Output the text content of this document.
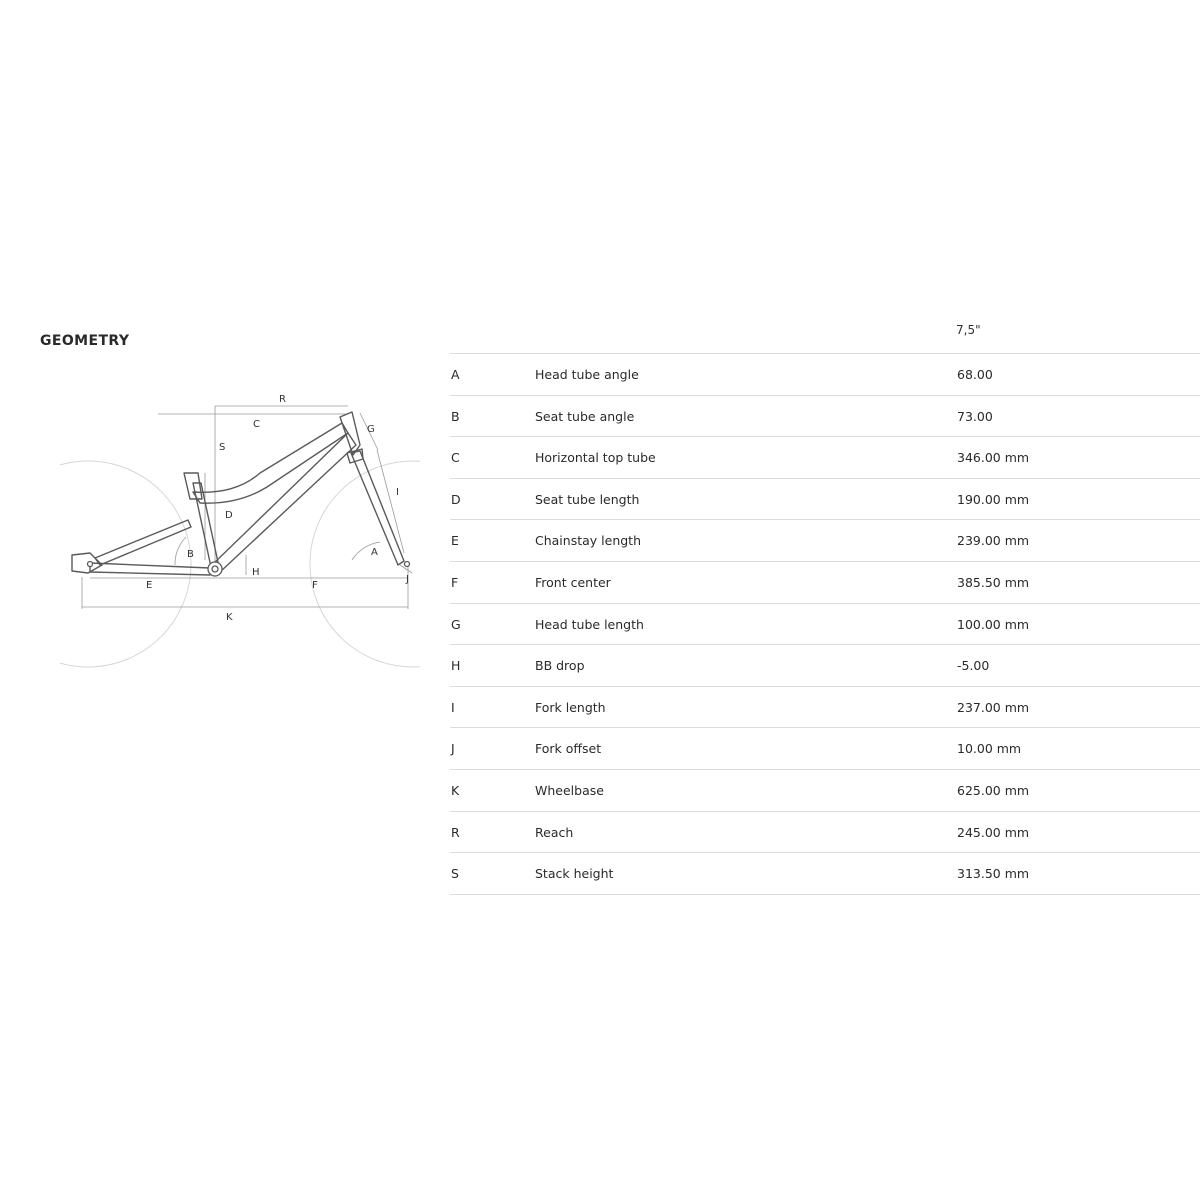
GEOMETRY
R
C
S
G
I
D
B	A
H
J
E	F
K
7,5"
A	Head tube angle	68.00
B	Seat tube angle	73.00
C	Horizontal top tube	346.00 mm
D	Seat tube length	190.00 mm
E	Chainstay length	239.00 mm
F	Front center	385.50 mm
G	Head tube length	100.00 mm
H	BB drop	-5.00
I	Fork length	237.00 mm
J	Fork offset	10.00 mm
K	Wheelbase	625.00 mm
R	Reach	245.00 mm
S	Stack height	313.50 mm
